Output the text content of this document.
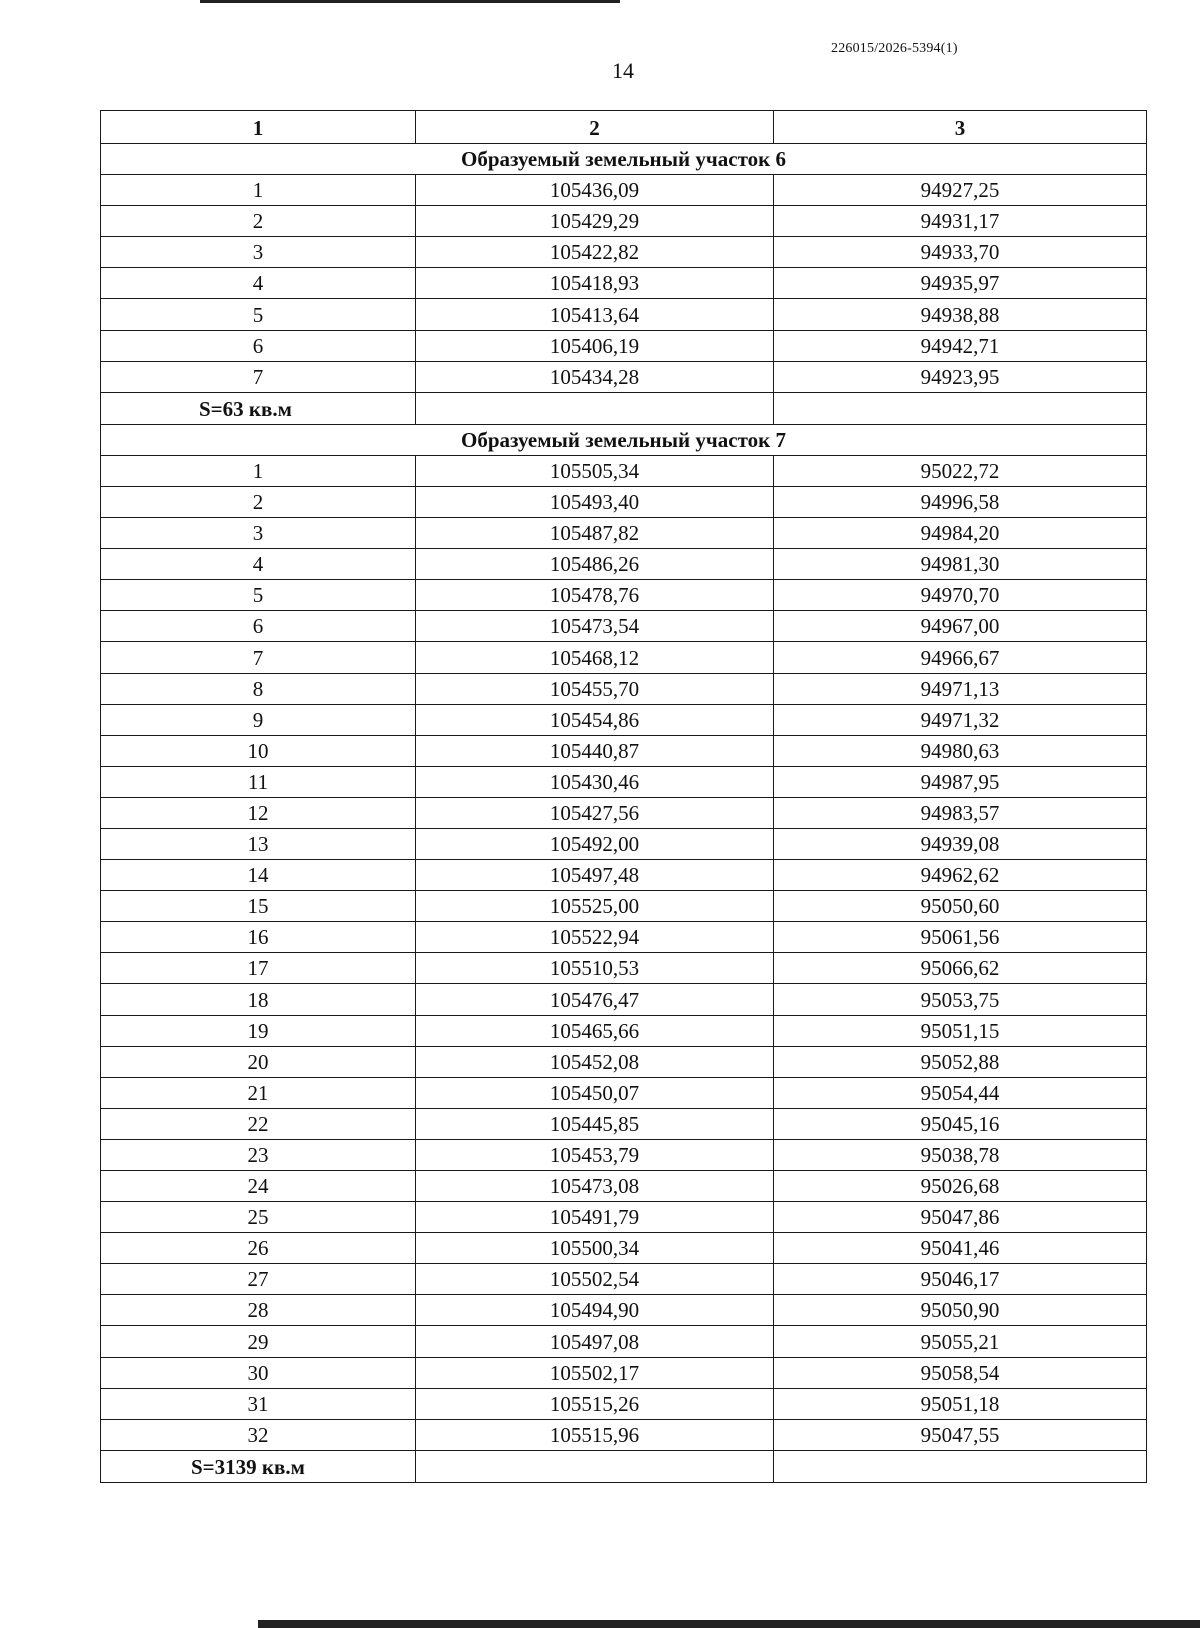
226015/2026-5394(1)
14
1	2	3
Образуемый земельный участок 6		
1	105436,09	94927,25
2	105429,29	94931,17
3	105422,82	94933,70
4	105418,93	94935,97
5	105413,64	94938,88
6	105406,19	94942,71
7	105434,28	94923,95
S=63 кв.м		
Образуемый земельный участок 7		
1	105505,34	95022,72
2	105493,40	94996,58
3	105487,82	94984,20
4	105486,26	94981,30
5	105478,76	94970,70
6	105473,54	94967,00
7	105468,12	94966,67
8	105455,70	94971,13
9	105454,86	94971,32
10	105440,87	94980,63
11	105430,46	94987,95
12	105427,56	94983,57
13	105492,00	94939,08
14	105497,48	94962,62
15	105525,00	95050,60
16	105522,94	95061,56
17	105510,53	95066,62
18	105476,47	95053,75
19	105465,66	95051,15
20	105452,08	95052,88
21	105450,07	95054,44
22	105445,85	95045,16
23	105453,79	95038,78
24	105473,08	95026,68
25	105491,79	95047,86
26	105500,34	95041,46
27	105502,54	95046,17
28	105494,90	95050,90
29	105497,08	95055,21
30	105502,17	95058,54
31	105515,26	95051,18
32	105515,96	95047,55
S=3139 кв.м		
